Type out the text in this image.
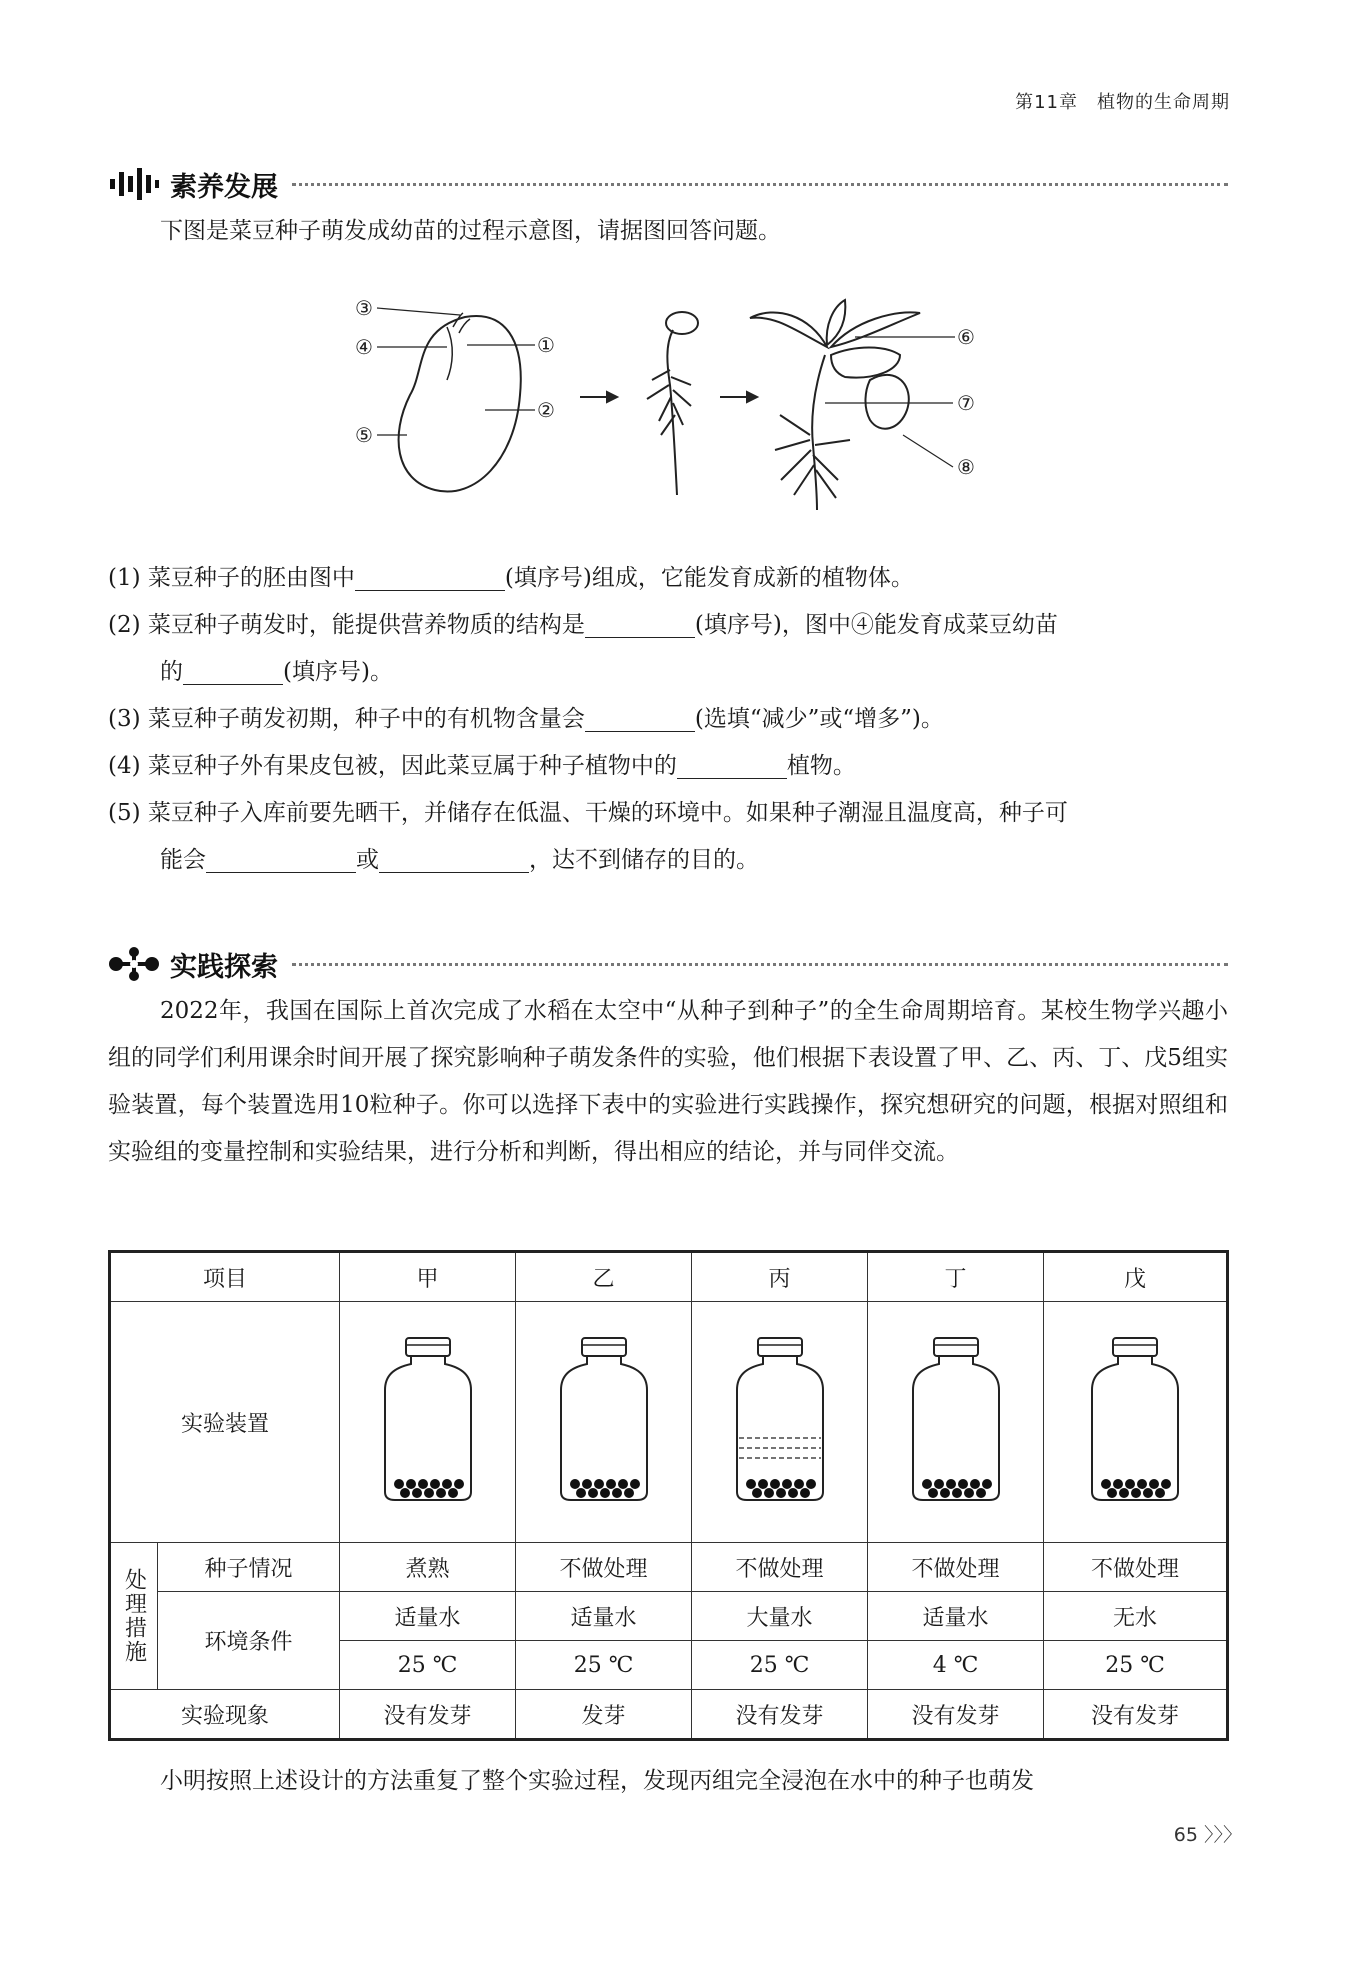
第11章　植物的生命周期
素养发展

下图是菜豆种子萌发成幼苗的过程示意图，请据图回答问题。

③
④
⑤
①
②
⑥
⑦
⑧
(1) 菜豆种子的胚由图中	(填序号)组成，它能发育成新的植物体。
(2) 菜豆种子萌发时，能提供营养物质的结构是	(填序号)，图中④能发育成菜豆幼苗
的	(填序号)。
(3) 菜豆种子萌发初期，种子中的有机物含量会	(选填“减少”或“增多”)。
(4) 菜豆种子外有果皮包被，因此菜豆属于种子植物中的	植物。
(5) 菜豆种子入库前要先晒干，并储存在低温、干燥的环境中。如果种子潮湿且温度高，种子可
能会	或	，达不到储存的目的。
实践探索

2022年，我国在国际上首次完成了水稻在太空中“从种子到种子”的全生命周期培育。某校生物学兴趣小组的同学们利用课余时间开展了探究影响种子萌发条件的实验，他们根据下表设置了甲、乙、丙、丁、戊5组实验装置，每个装置选用10粒种子。你可以选择下表中的实验进行实践操作，探究想研究的问题，根据对照组和实验组的变量控制和实验结果，进行分析和判断，得出相应的结论，并与同伴交流。

项目		甲	乙	丙	丁	戊
实验装置					

处理措施	种子情况	煮熟	不做处理	不做处理	不做处理	不做处理
	环境条件	适量水	适量水	大量水	适量水	无水
		25 ℃	25 ℃	25 ℃	4 ℃	25 ℃
实验现象		没有发芽	发芽	没有发芽	没有发芽	没有发芽

小明按照上述设计的方法重复了整个实验过程，发现丙组完全浸泡在水中的种子也萌发

65 〉〉〉
